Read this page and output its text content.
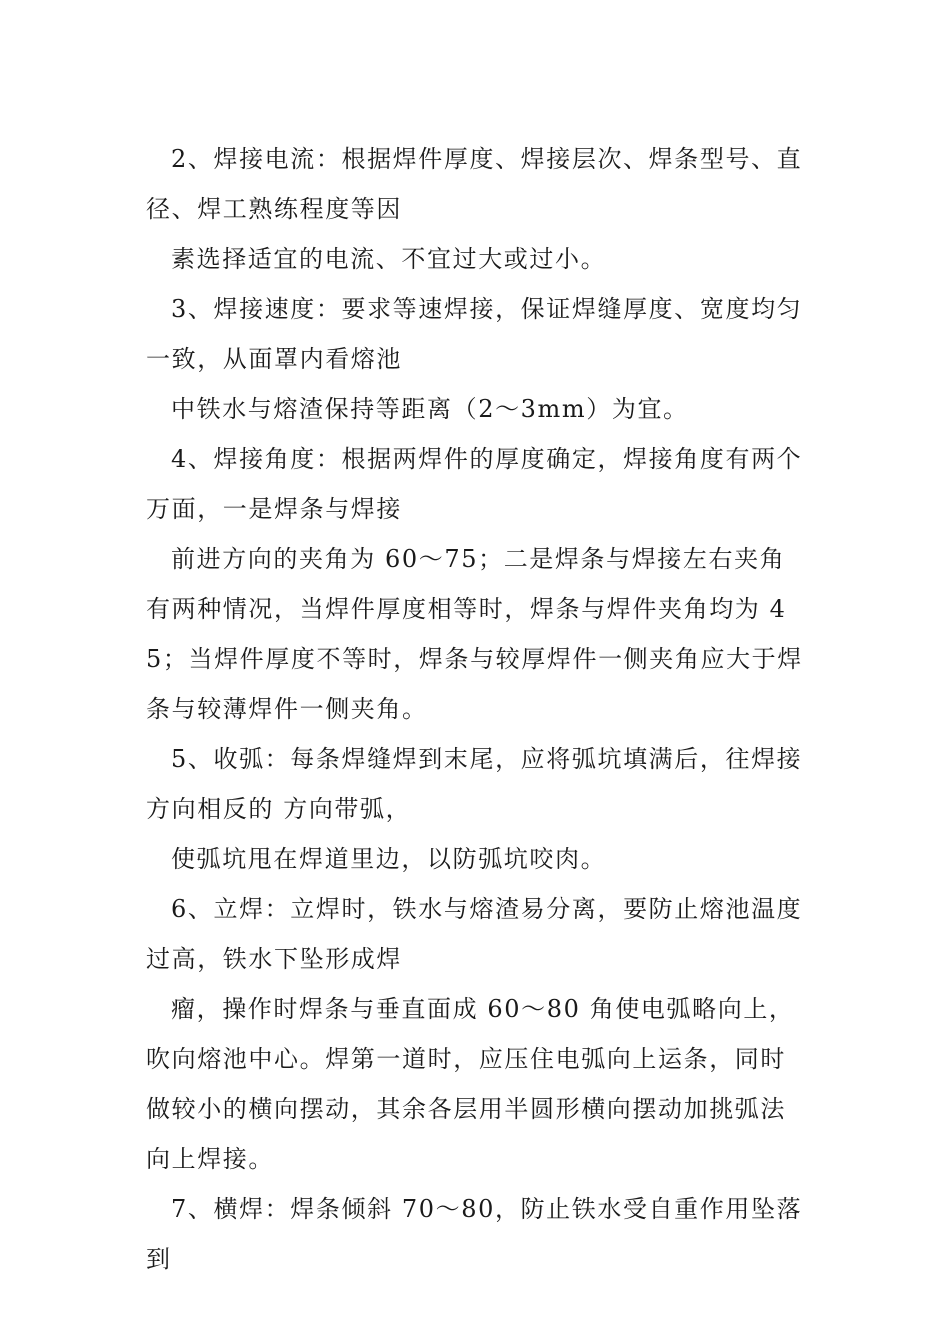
2、焊接电流：根据焊件厚度、焊接层次、焊条型号、直径、焊工熟练程度等因

素选择适宜的电流、不宜过大或过小。

3、焊接速度：要求等速焊接，保证焊缝厚度、宽度均匀一致，从面罩内看熔池

中铁水与熔渣保持等距离（2～3mm）为宜。

4、焊接角度：根据两焊件的厚度确定，焊接角度有两个万面，一是焊条与焊接

前进方向的夹角为 60～75；二是焊条与焊接左右夹角有两种情况，当焊件厚度相等时，焊条与焊件夹角均为 45；当焊件厚度不等时，焊条与较厚焊件一侧夹角应大于焊条与较薄焊件一侧夹角。

5、收弧：每条焊缝焊到末尾，应将弧坑填满后，往焊接方向相反的 方向带弧，

使弧坑甩在焊道里边，以防弧坑咬肉。

6、立焊：立焊时，铁水与熔渣易分离，要防止熔池温度过高，铁水下坠形成焊

瘤，操作时焊条与垂直面成 60～80 角使电弧略向上，吹向熔池中心。焊第一道时，应压住电弧向上运条，同时做较小的横向摆动，其余各层用半圆形横向摆动加挑弧法向上焊接。

7、横焊：焊条倾斜 70～80，防止铁水受自重作用坠落到
